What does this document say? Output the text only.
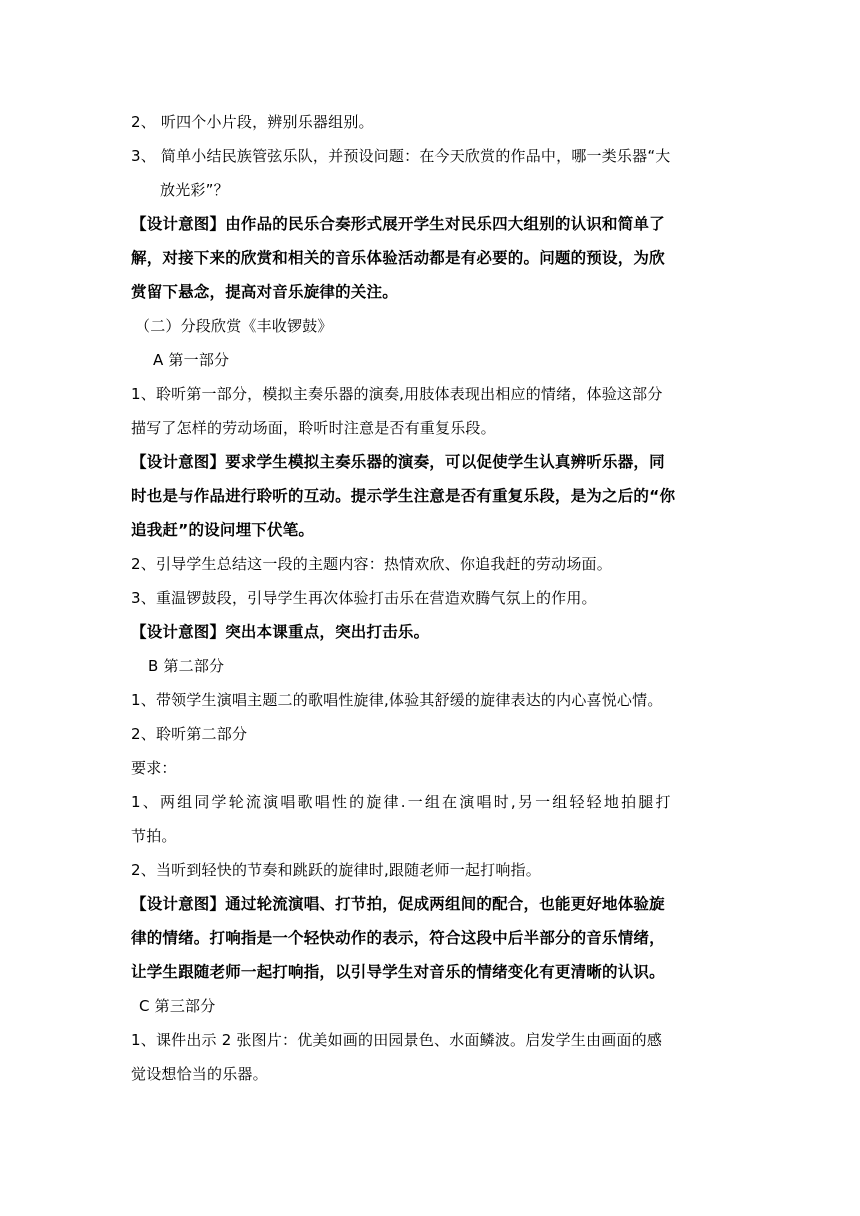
2、 听四个小片段，辨别乐器组别。
3、 简单小结民族管弦乐队，并预设问题：在今天欣赏的作品中，哪一类乐器“大
放光彩”？
【设计意图】由作品的民乐合奏形式展开学生对民乐四大组别的认识和简单了
解，对接下来的欣赏和相关的音乐体验活动都是有必要的。问题的预设，为欣
赏留下悬念，提高对音乐旋律的关注。
（二）分段欣赏《丰收锣鼓》
A 第一部分
1、聆听第一部分，模拟主奏乐器的演奏,用肢体表现出相应的情绪，体验这部分
描写了怎样的劳动场面，聆听时注意是否有重复乐段。
【设计意图】要求学生模拟主奏乐器的演奏，可以促使学生认真辨听乐器，同
时也是与作品进行聆听的互动。提示学生注意是否有重复乐段，是为之后的“你
追我赶”的设问埋下伏笔。
2、引导学生总结这一段的主题内容：热情欢欣、你追我赶的劳动场面。
3、重温锣鼓段，引导学生再次体验打击乐在营造欢腾气氛上的作用。
【设计意图】突出本课重点，突出打击乐。
B 第二部分
1、带领学生演唱主题二的歌唱性旋律,体验其舒缓的旋律表达的内心喜悦心情。
2、聆听第二部分
要求：
1、两组同学轮流演唱歌唱性的旋律.一组在演唱时,另一组轻轻地拍腿打
节拍。
2、当听到轻快的节奏和跳跃的旋律时,跟随老师一起打响指。
【设计意图】通过轮流演唱、打节拍，促成两组间的配合，也能更好地体验旋
律的情绪。打响指是一个轻快动作的表示，符合这段中后半部分的音乐情绪，
让学生跟随老师一起打响指，以引导学生对音乐的情绪变化有更清晰的认识。
C 第三部分
1、课件出示 2 张图片：优美如画的田园景色、水面鳞波。启发学生由画面的感
觉设想恰当的乐器。
